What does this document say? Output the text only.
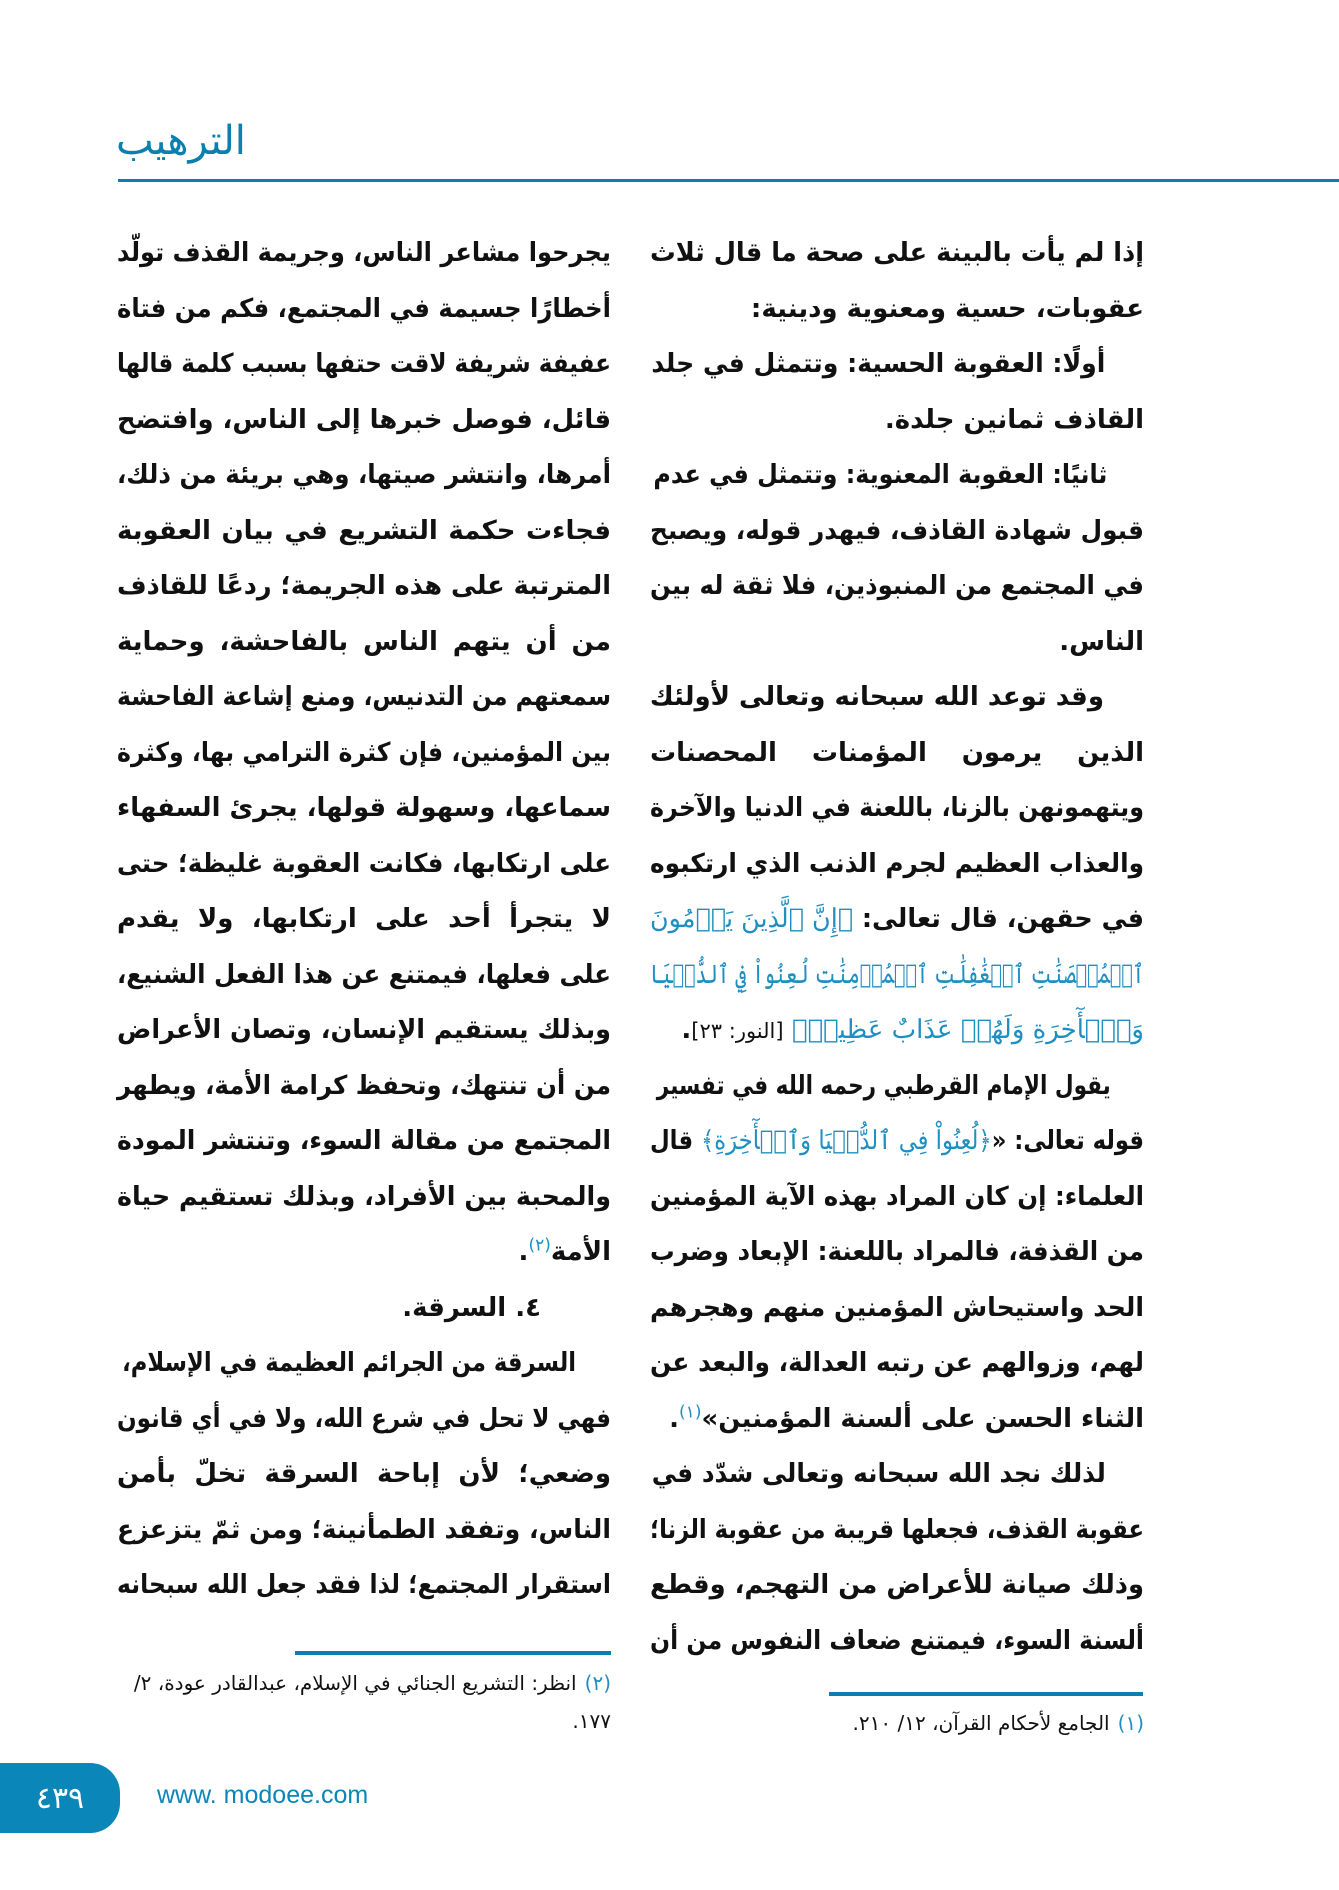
الترهيب
إذا لم يأت بالبينة على صحة ما قال ثلاث
عقوبات، حسية ومعنوية ودينية:
أولًا: العقوبة الحسية: وتتمثل في جلد
القاذف ثمانين جلدة.
ثانيًا: العقوبة المعنوية: وتتمثل في عدم
قبول شهادة القاذف، فيهدر قوله، ويصبح
في المجتمع من المنبوذين، فلا ثقة له بين
الناس.
وقد توعد الله سبحانه وتعالى لأولئك
الذين يرمون المؤمنات المحصنات
ويتهمونهن بالزنا، باللعنة في الدنيا والآخرة
والعذاب العظيم لجرم الذنب الذي ارتكبوه
في حقهن، قال تعالى: ﴿إِنَّ ٱلَّذِينَ يَرۡمُونَ
ٱلۡمُحۡصَنَٰتِ ٱلۡغَٰفِلَٰتِ ٱلۡمُؤۡمِنَٰتِ لُعِنُواْ فِي ٱلدُّنۡيَا
وَٱلۡأٓخِرَةِ وَلَهُمۡ عَذَابٌ عَظِيمٞ﴾ [النور: ٢٣].
يقول الإمام القرطبي رحمه الله في تفسير
قوله تعالى: «﴿لُعِنُواْ فِي ٱلدُّنۡيَا وَٱلۡأٓخِرَةِ﴾ قال
العلماء: إن كان المراد بهذه الآية المؤمنين
من القذفة، فالمراد باللعنة: الإبعاد وضرب
الحد واستيحاش المؤمنين منهم وهجرهم
لهم، وزوالهم عن رتبه العدالة، والبعد عن
الثناء الحسن على ألسنة المؤمنين»$^{(١)}$.
لذلك نجد الله سبحانه وتعالى شدّد في
عقوبة القذف، فجعلها قريبة من عقوبة الزنا؛
وذلك صيانة للأعراض من التهجم، وقطع
ألسنة السوء، فيمتنع ضعاف النفوس من أن
يجرحوا مشاعر الناس، وجريمة القذف تولّد
أخطارًا جسيمة في المجتمع، فكم من فتاة
عفيفة شريفة لاقت حتفها بسبب كلمة قالها
قائل، فوصل خبرها إلى الناس، وافتضح
أمرها، وانتشر صيتها، وهي بريئة من ذلك،
فجاءت حكمة التشريع في بيان العقوبة
المترتبة على هذه الجريمة؛ ردعًا للقاذف
من أن يتهم الناس بالفاحشة، وحماية
سمعتهم من التدنيس، ومنع إشاعة الفاحشة
بين المؤمنين، فإن كثرة الترامي بها، وكثرة
سماعها، وسهولة قولها، يجرئ السفهاء
على ارتكابها، فكانت العقوبة غليظة؛ حتى
لا يتجرأ أحد على ارتكابها، ولا يقدم
على فعلها، فيمتنع عن هذا الفعل الشنيع،
وبذلك يستقيم الإنسان، وتصان الأعراض
من أن تنتهك، وتحفظ كرامة الأمة، ويطهر
المجتمع من مقالة السوء، وتنتشر المودة
والمحبة بين الأفراد، وبذلك تستقيم حياة
الأمة$^{(٢)}$.
٤. السرقة.
السرقة من الجرائم العظيمة في الإسلام،
فهي لا تحل في شرع الله، ولا في أي قانون
وضعي؛ لأن إباحة السرقة تخلّ بأمن
الناس، وتفقد الطمأنينة؛ ومن ثمّ يتزعزع
استقرار المجتمع؛ لذا فقد جعل الله سبحانه
(٢)انظر: التشريع الجنائي في الإسلام، عبدالقادر عودة، ٢/ ١٧٧.	(١)الجامع لأحكام القرآن، ١٢/ ٢١٠.
٤٣٩	www. modoee.com
